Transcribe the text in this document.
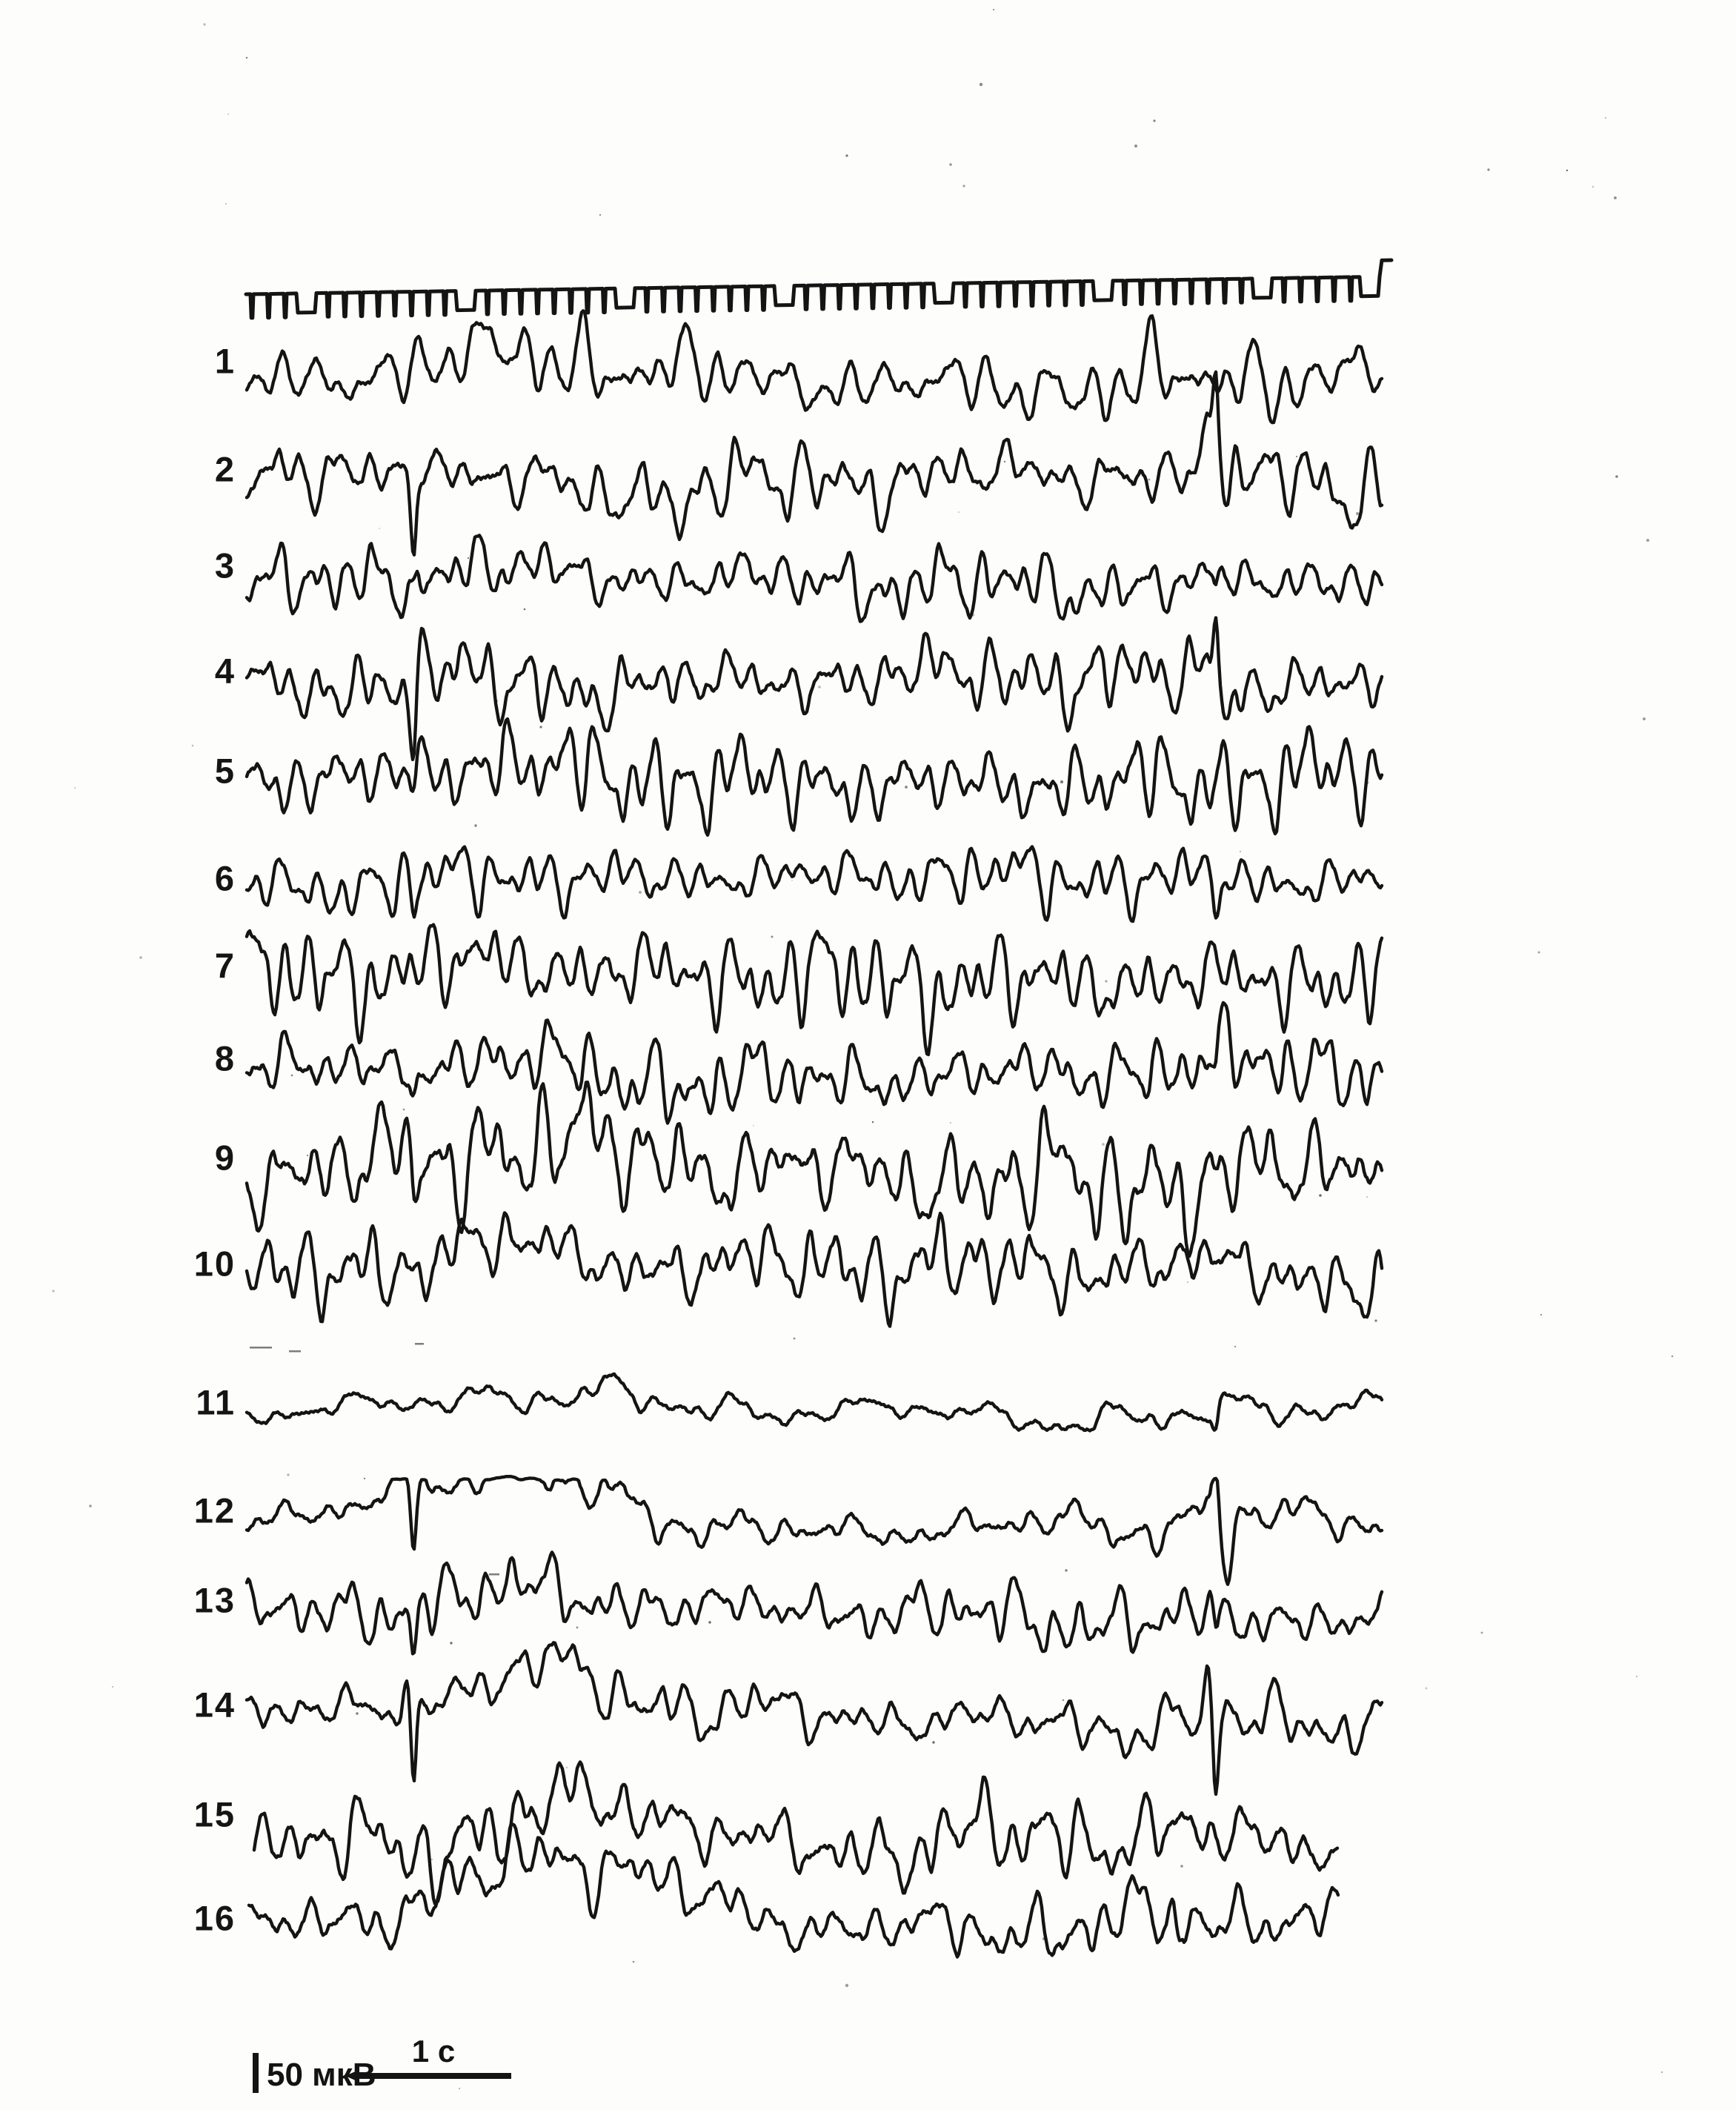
1
2
3
4
5
6
7
8
9
10
11
12
13
14
15
16
50 мкВ
1 с
